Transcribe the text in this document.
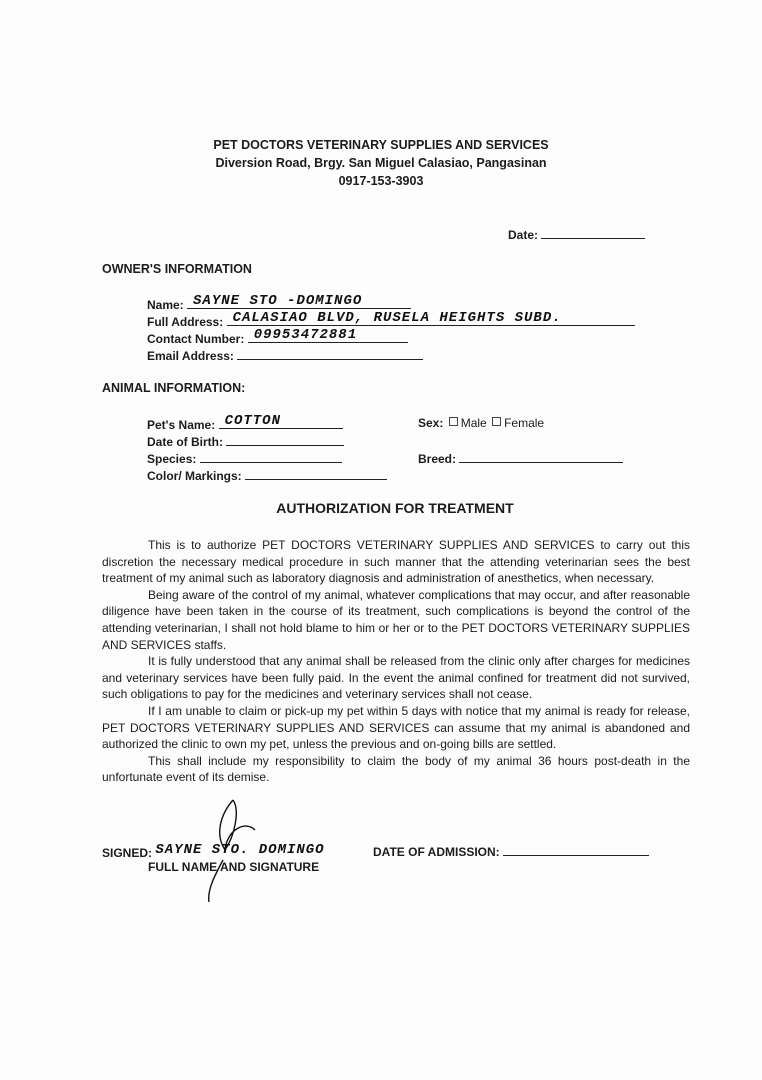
PET DOCTORS VETERINARY SUPPLIES AND SERVICES
Diversion Road, Brgy. San Miguel Calasiao, Pangasinan
0917-153-3903
Date:
OWNER'S INFORMATION
Name: SAYNE STO -DOMINGO
Full Address: CALASIAO BLVD, RUSELA HEIGHTS SUBD.
Contact Number: 09953472881
Email Address:
ANIMAL INFORMATION:
Pet's Name: COTTON
Date of Birth:
Species:
Color/ Markings:
Sex: Male Female
Breed:
AUTHORIZATION FOR TREATMENT

This is to authorize PET DOCTORS VETERINARY SUPPLIES AND SERVICES to carry out this discretion the necessary medical procedure in such manner that the attending veterinarian sees the best treatment of my animal such as laboratory diagnosis and administration of anesthetics, when necessary.

Being aware of the control of my animal, whatever complications that may occur, and after reasonable diligence have been taken in the course of its treatment, such complications is beyond the control of the attending veterinarian, I shall not hold blame to him or her or to the PET DOCTORS VETERINARY SUPPLIES AND SERVICES staffs.

It is fully understood that any animal shall be released from the clinic only after charges for medicines and veterinary services have been fully paid. In the event the animal confined for treatment did not survived, such obligations to pay for the medicines and veterinary services shall not cease.

If I am unable to claim or pick-up my pet within 5 days with notice that my animal is ready for release, PET DOCTORS VETERINARY SUPPLIES AND SERVICES can assume that my animal is abandoned and authorized the clinic to own my pet, unless the previous and on-going bills are settled.

This shall include my responsibility to claim the body of my animal 36 hours post-death in the unfortunate event of its demise.

SIGNED: SAYNE STO. DOMINGO
FULL NAME AND SIGNATURE
DATE OF ADMISSION:
